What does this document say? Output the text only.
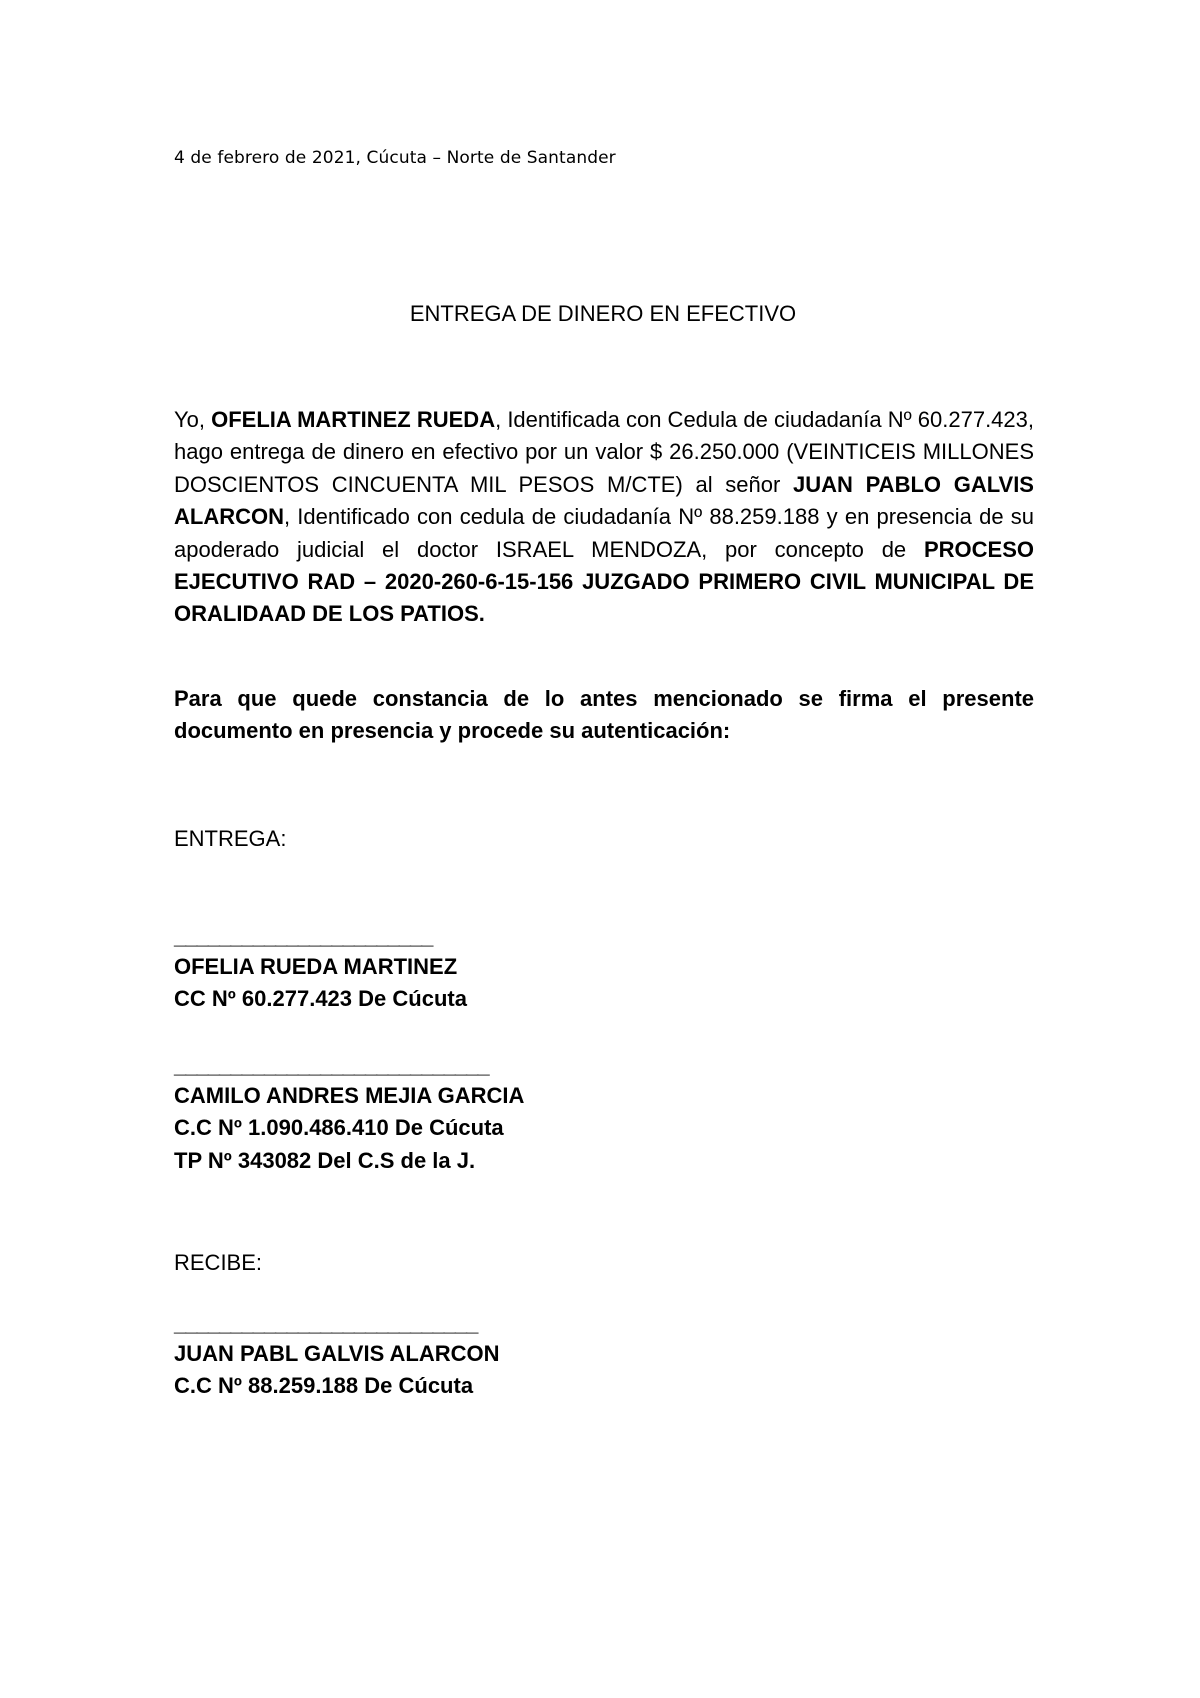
4 de febrero de 2021, Cúcuta – Norte de Santander
ENTREGA DE DINERO EN EFECTIVO
Yo, OFELIA MARTINEZ RUEDA, Identificada con Cedula de ciudadanía Nº 60.277.423, hago entrega de dinero en efectivo por un valor $ 26.250.000 (VEINTICEIS MILLONES DOSCIENTOS CINCUENTA MIL PESOS M/CTE) al señor JUAN PABLO GALVIS ALARCON, Identificado con cedula de ciudadanía Nº 88.259.188 y en presencia de su apoderado judicial el doctor ISRAEL MENDOZA, por concepto de PROCESO EJECUTIVO RAD – 2020-260-6-15-156 JUZGADO PRIMERO CIVIL MUNICIPAL DE ORALIDAAD DE LOS PATIOS.
Para que quede constancia de lo antes mencionado se firma el presente documento en presencia y procede su autenticación:
ENTREGA:
_______________________
OFELIA RUEDA MARTINEZ
CC Nº 60.277.423 De Cúcuta
____________________________
CAMILO ANDRES MEJIA GARCIA
C.C Nº 1.090.486.410 De Cúcuta
TP Nº 343082 Del C.S de la J.
RECIBE:
___________________________
JUAN PABL GALVIS ALARCON
C.C Nº 88.259.188 De Cúcuta
